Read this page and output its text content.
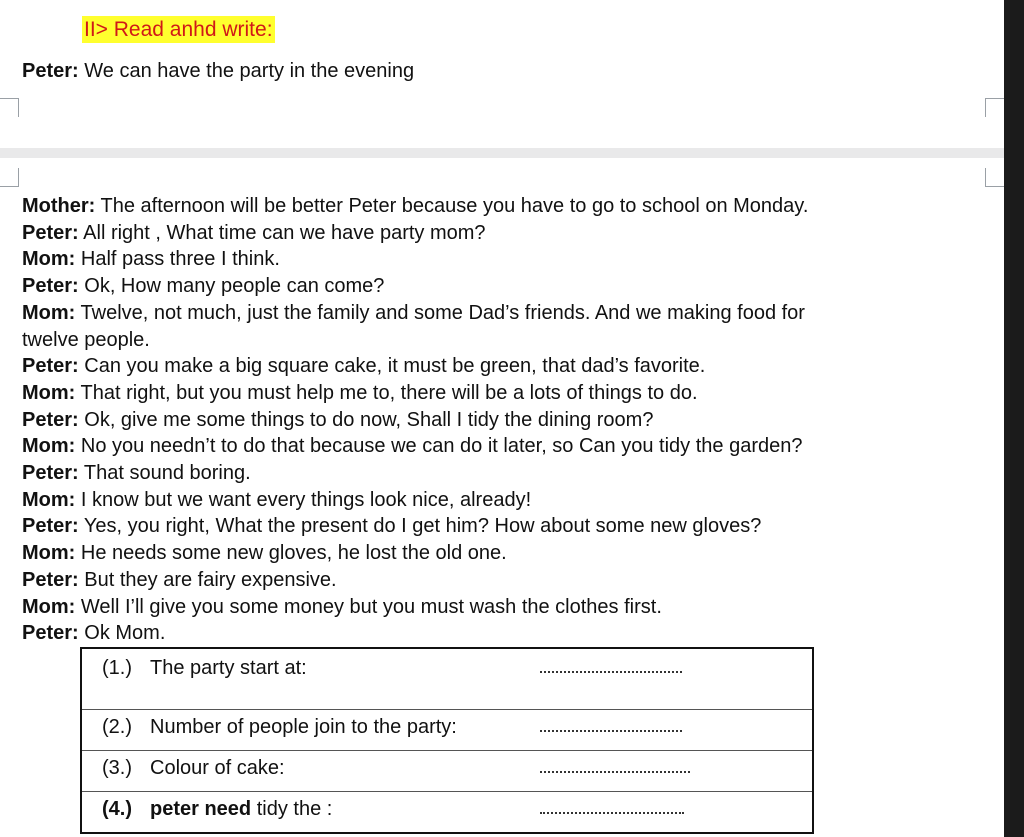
II> Read anhd write:
Peter: We can have the party in the evening
Mother: The afternoon will be better Peter because you have to go to school on Monday.
Peter: All right , What time can we have party mom?
Mom: Half pass three I think.
Peter: Ok, How many people can come?
Mom: Twelve, not much, just the family and some Dad’s friends. And we making food for
twelve people.
Peter: Can you make a big square cake, it must be green, that dad’s favorite.
Mom: That right, but you must help me to, there will be a lots of things to do.
Peter: Ok, give me some things to do now, Shall I tidy the dining room?
Mom: No you needn’t to do that because we can do it later, so Can you tidy the garden?
Peter: That sound boring.
Mom: I know but we want every things look nice, already!
Peter: Yes, you right, What the present do I get him? How about some new gloves?
Mom: He needs some new gloves, he lost the old one.
Peter: But they are fairy expensive.
Mom: Well I’ll give you some money but you must wash the clothes first.
Peter: Ok Mom.
(1.) The party start at:
(2.) Number of people join to the party:
(3.) Colour of cake:
(4.) peter need tidy the :
